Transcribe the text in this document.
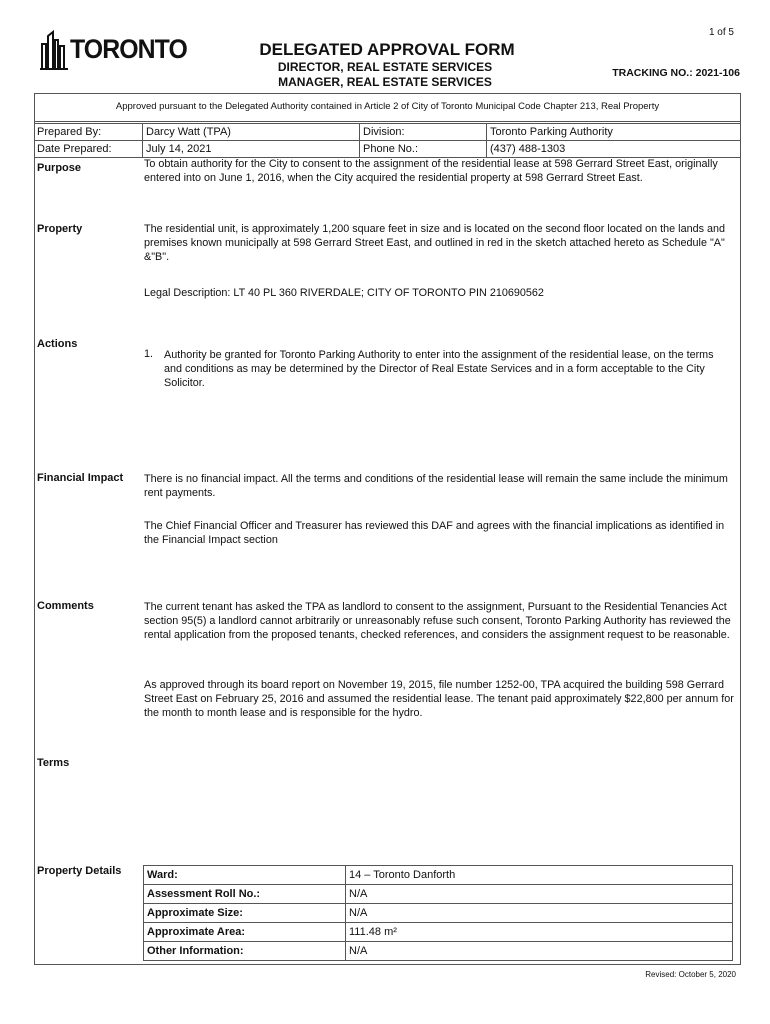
1 of 5
TORONTO	DELEGATED APPROVAL FORM
DIRECTOR, REAL ESTATE SERVICES
MANAGER, REAL ESTATE SERVICES
TRACKING NO.: 2021-106
Approved pursuant to the Delegated Authority contained in Article 2 of City of Toronto Municipal Code Chapter 213, Real Property
Prepared By:	Darcy Watt (TPA)	Division:	Toronto Parking Authority
Date Prepared:	July 14, 2021	Phone No.:	(437) 488-1303
Purpose	To obtain authority for the City to consent to the assignment of the residential lease at 598 Gerrard Street East, originally entered into on June 1, 2016, when the City acquired the residential property at 598 Gerrard Street East.
Property	The residential unit, is approximately 1,200 square feet in size and is located on the second floor located on the lands and premises known municipally at 598 Gerrard Street East, and outlined in red in the sketch attached hereto as Schedule "A" &"B".
Legal Description: LT 40 PL 360 RIVERDALE; CITY OF TORONTO PIN 210690562
Actions
1. Authority be granted for Toronto Parking Authority to enter into the assignment of the residential lease, on the terms and conditions as may be determined by the Director of Real Estate Services and in a form acceptable to the City Solicitor.
Financial Impact There is no financial impact. All the terms and conditions of the residential lease will remain the same include the minimum rent payments.
The Chief Financial Officer and Treasurer has reviewed this DAF and agrees with the financial implications as identified in the Financial Impact section
Comments	The current tenant has asked the TPA as landlord to consent to the assignment, Pursuant to the Residential Tenancies Act section 95(5) a landlord cannot arbitrarily or unreasonably refuse such consent, Toronto Parking Authority has reviewed the rental application from the proposed tenants, checked references, and considers the assignment request to be reasonable.
As approved through its board report on November 19, 2015, file number 1252-00, TPA acquired the building 598 Gerrard Street East on February 25, 2016 and assumed the residential lease. The tenant paid approximately $22,800 per annum for the month to month lease and is responsible for the hydro.
Terms
Property Details Ward:	14 – Toronto Danforth
Assessment Roll No.:	N/A
Approximate Size:	N/A
Approximate Area:	111.48 m²
Other Information:	N/A
Revised: October 5, 2020
